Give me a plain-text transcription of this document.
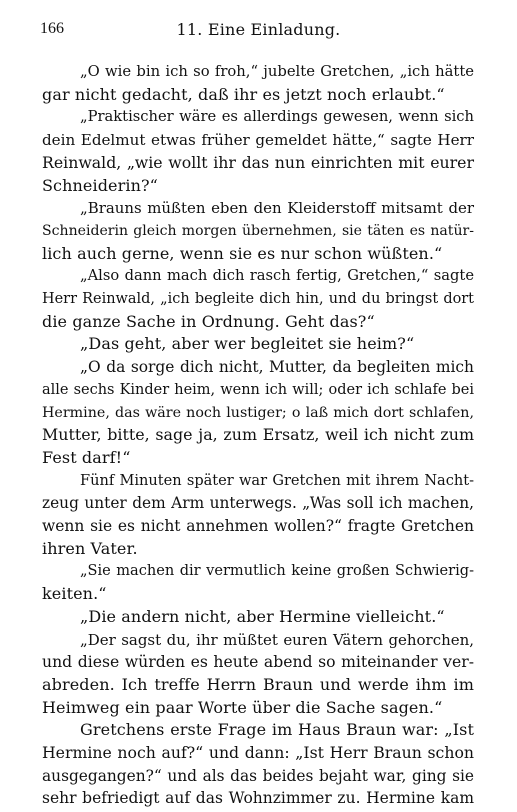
166	11. Eine Einladung.
„O wie bin ich so froh,“ jubelte Gretchen, „ich hätte
gar nicht gedacht, daß ihr es jetzt noch erlaubt.“
„Praktischer wäre es allerdings gewesen, wenn sich
dein Edelmut etwas früher gemeldet hätte,“ sagte Herr
Reinwald, „wie wollt ihr das nun einrichten mit eurer
Schneiderin?“
„Brauns müßten eben den Kleiderstoff mitsamt der
Schneiderin gleich morgen übernehmen, sie täten es natür-
lich auch gerne, wenn sie es nur schon wüßten.“
„Also dann mach dich rasch fertig, Gretchen,“ sagte
Herr Reinwald, „ich begleite dich hin, und du bringst dort
die ganze Sache in Ordnung. Geht das?“
„Das geht, aber wer begleitet sie heim?“
„O da sorge dich nicht, Mutter, da begleiten mich
alle sechs Kinder heim, wenn ich will; oder ich schlafe bei
Hermine, das wäre noch lustiger; o laß mich dort schlafen,
Mutter, bitte, sage ja, zum Ersatz, weil ich nicht zum
Fest darf!“
Fünf Minuten später war Gretchen mit ihrem Nacht-
zeug unter dem Arm unterwegs. „Was soll ich machen,
wenn sie es nicht annehmen wollen?“ fragte Gretchen
ihren Vater.
„Sie machen dir vermutlich keine großen Schwierig-
keiten.“
„Die andern nicht, aber Hermine vielleicht.“
„Der sagst du, ihr müßtet euren Vätern gehorchen,
und diese würden es heute abend so miteinander ver-
abreden. Ich treffe Herrn Braun und werde ihm im
Heimweg ein paar Worte über die Sache sagen.“
Gretchens erste Frage im Haus Braun war: „Ist
Hermine noch auf?“ und dann: „Ist Herr Braun schon
ausgegangen?“ und als das beides bejaht war, ging sie
sehr befriedigt auf das Wohnzimmer zu. Hermine kam
